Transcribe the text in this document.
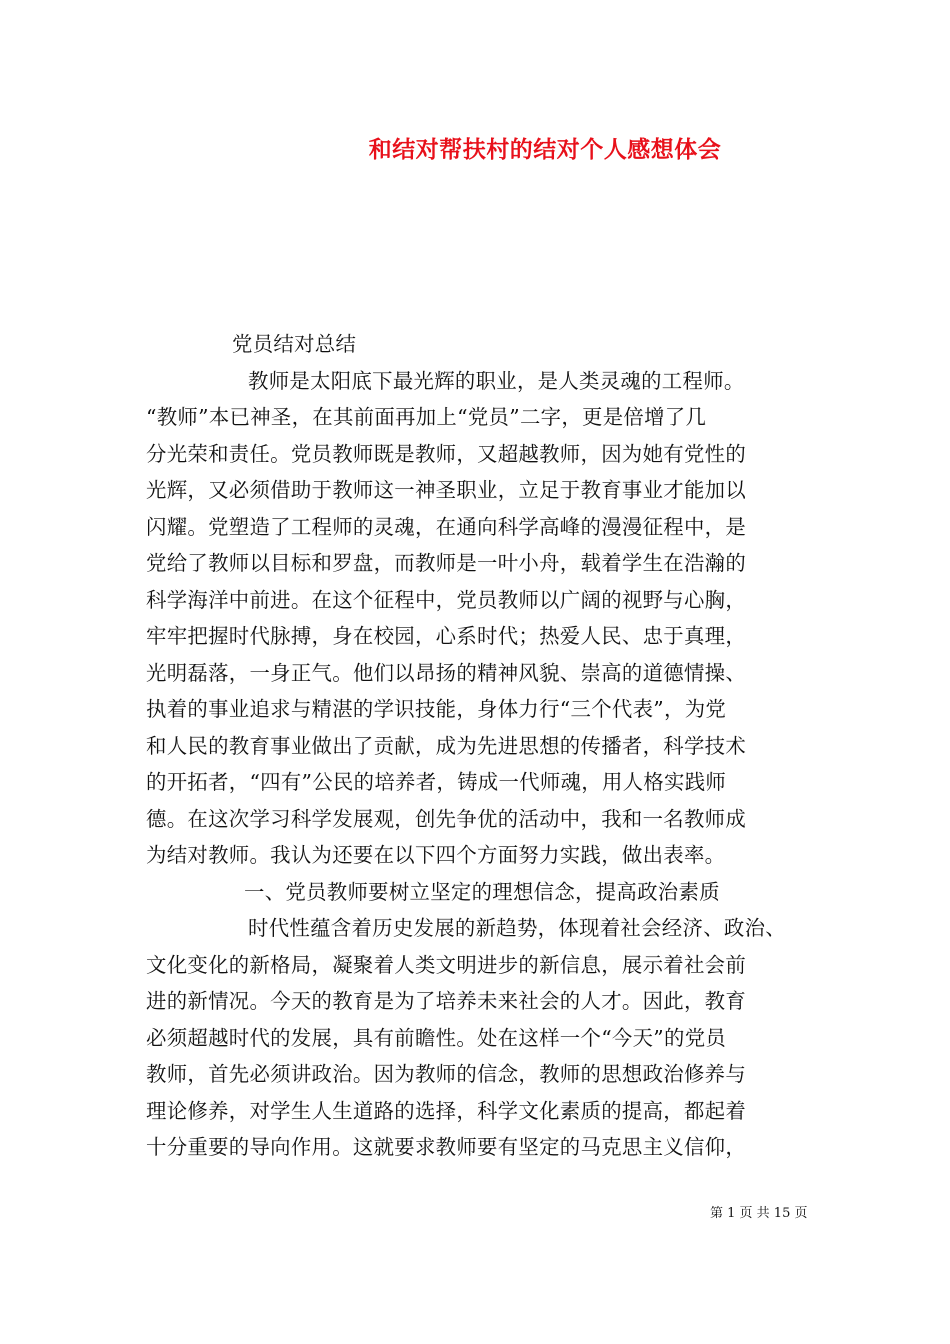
和结对帮扶村的结对个人感想体会
党员结对总结
教师是太阳底下最光辉的职业，是人类灵魂的工程师。
“教师”本已神圣，在其前面再加上“党员”二字，更是倍增了几
分光荣和责任。党员教师既是教师，又超越教师，因为她有党性的
光辉，又必须借助于教师这一神圣职业，立足于教育事业才能加以
闪耀。党塑造了工程师的灵魂，在通向科学高峰的漫漫征程中，是
党给了教师以目标和罗盘，而教师是一叶小舟，载着学生在浩瀚的
科学海洋中前进。在这个征程中，党员教师以广阔的视野与心胸，
牢牢把握时代脉搏，身在校园，心系时代；热爱人民、忠于真理，
光明磊落，一身正气。他们以昂扬的精神风貌、崇高的道德情操、
执着的事业追求与精湛的学识技能，身体力行“三个代表”，为党
和人民的教育事业做出了贡献，成为先进思想的传播者，科学技术
的开拓者，“四有”公民的培养者，铸成一代师魂，用人格实践师
德。在这次学习科学发展观，创先争优的活动中，我和一名教师成
为结对教师。我认为还要在以下四个方面努力实践，做出表率。
一、党员教师要树立坚定的理想信念，提高政治素质
时代性蕴含着历史发展的新趋势，体现着社会经济、政治、
文化变化的新格局，凝聚着人类文明进步的新信息，展示着社会前
进的新情况。今天的教育是为了培养未来社会的人才。因此，教育
必须超越时代的发展，具有前瞻性。处在这样一个“今天”的党员
教师，首先必须讲政治。因为教师的信念，教师的思想政治修养与
理论修养，对学生人生道路的选择，科学文化素质的提高，都起着
十分重要的导向作用。这就要求教师要有坚定的马克思主义信仰，
第 1 页 共 15 页
